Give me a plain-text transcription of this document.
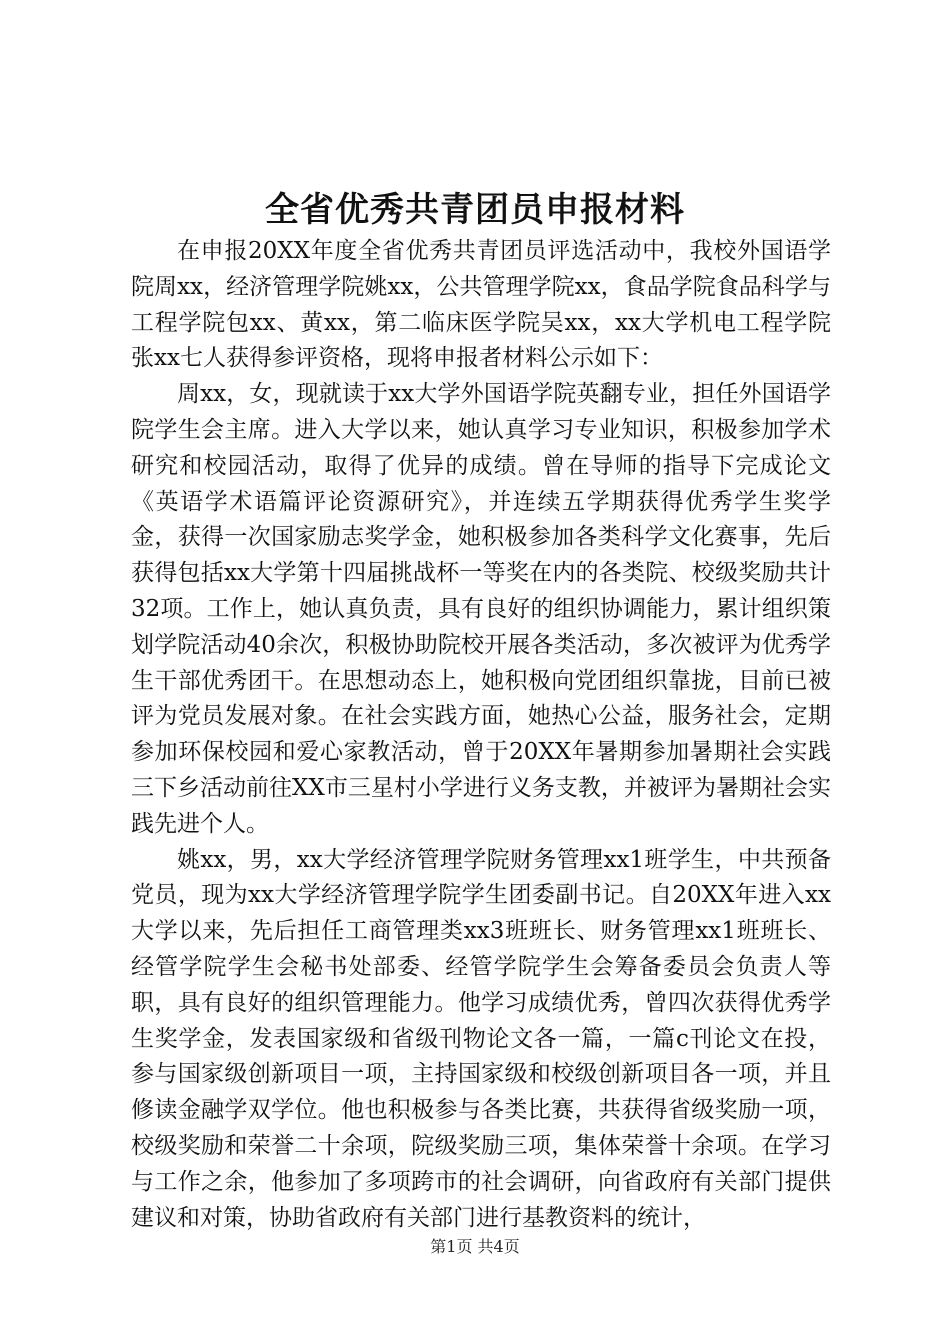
全省优秀共青团员申报材料

在申报20XX年度全省优秀共青团员评选活动中，我校外国语学院周xx，经济管理学院姚xx，公共管理学院xx，食品学院食品科学与工程学院包xx、黄xx，第二临床医学院吴xx，xx大学机电工程学院张xx七人获得参评资格，现将申报者材料公示如下：

周xx，女，现就读于xx大学外国语学院英翻专业，担任外国语学院学生会主席。进入大学以来，她认真学习专业知识，积极参加学术研究和校园活动，取得了优异的成绩。曾在导师的指导下完成论文《英语学术语篇评论资源研究》，并连续五学期获得优秀学生奖学金，获得一次国家励志奖学金，她积极参加各类科学文化赛事，先后获得包括xx大学第十四届挑战杯一等奖在内的各类院、校级奖励共计32项。工作上，她认真负责，具有良好的组织协调能力，累计组织策划学院活动40余次，积极协助院校开展各类活动，多次被评为优秀学生干部优秀团干。在思想动态上，她积极向党团组织靠拢，目前已被评为党员发展对象。在社会实践方面，她热心公益，服务社会，定期参加环保校园和爱心家教活动，曾于20XX年暑期参加暑期社会实践三下乡活动前往XX市三星村小学进行义务支教，并被评为暑期社会实践先进个人。

姚xx，男，xx大学经济管理学院财务管理xx1班学生，中共预备党员，现为xx大学经济管理学院学生团委副书记。自20XX年进入xx大学以来，先后担任工商管理类xx3班班长、财务管理xx1班班长、经管学院学生会秘书处部委、经管学院学生会筹备委员会负责人等职，具有良好的组织管理能力。他学习成绩优秀，曾四次获得优秀学生奖学金，发表国家级和省级刊物论文各一篇，一篇c刊论文在投，参与国家级创新项目一项，主持国家级和校级创新项目各一项，并且修读金融学双学位。他也积极参与各类比赛，共获得省级奖励一项，校级奖励和荣誉二十余项，院级奖励三项，集体荣誉十余项。在学习与工作之余，他参加了多项跨市的社会调研，向省政府有关部门提供建议和对策，协助省政府有关部门进行基教资料的统计，

第1页 共4页
